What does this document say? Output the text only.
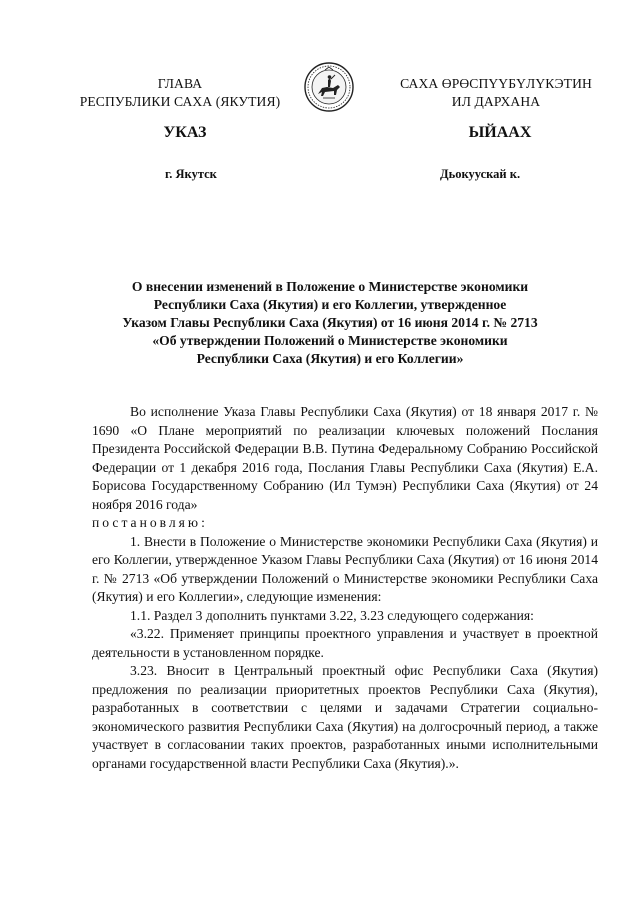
ГЛАВА
РЕСПУБЛИКИ САХА (ЯКУТИЯ)
САХА ӨРӨСПҮҮБҮЛҮКЭТИН
ИЛ ДАРХАНА
УКАЗ	ЫЙААХ
г. Якутск	Дьокуускай к.
О внесении изменений в Положение о Министерстве экономики
Республики Саха (Якутия) и его Коллегии, утвержденное
Указом Главы Республики Саха (Якутия) от 16 июня 2014 г. № 2713
«Об утверждении Положений о Министерстве экономики
Республики Саха (Якутия) и его Коллегии»

Во исполнение Указа Главы Республики Саха (Якутия) от 18 января 2017 г. № 1690 «О Плане мероприятий по реализации ключевых положений Послания Президента Российской Федерации В.В. Путина Федеральному Собранию Российской Федерации от 1 декабря 2016 года, Послания Главы Республики Саха (Якутия) Е.А. Борисова Государственному Собранию (Ил Тумэн) Республики Саха (Якутия) от 24 ноября 2016 года»

постановляю:

1. Внести в Положение о Министерстве экономики Республики Саха (Якутия) и его Коллегии, утвержденное Указом Главы Республики Саха (Якутия) от 16 июня 2014 г. № 2713 «Об утверждении Положений о Министерстве экономики Республики Саха (Якутия) и его Коллегии», следующие изменения:

1.1. Раздел 3 дополнить пунктами 3.22, 3.23 следующего содержания:

«3.22. Применяет принципы проектного управления и участвует в проектной деятельности в установленном порядке.

3.23. Вносит в Центральный проектный офис Республики Саха (Якутия) предложения по реализации приоритетных проектов Республики Саха (Якутия), разработанных в соответствии с целями и задачами Стратегии социально-экономического развития Республики Саха (Якутия) на долгосрочный период, а также участвует в согласовании таких проектов, разработанных иными исполнительными органами государственной власти Республики Саха (Якутия).».
